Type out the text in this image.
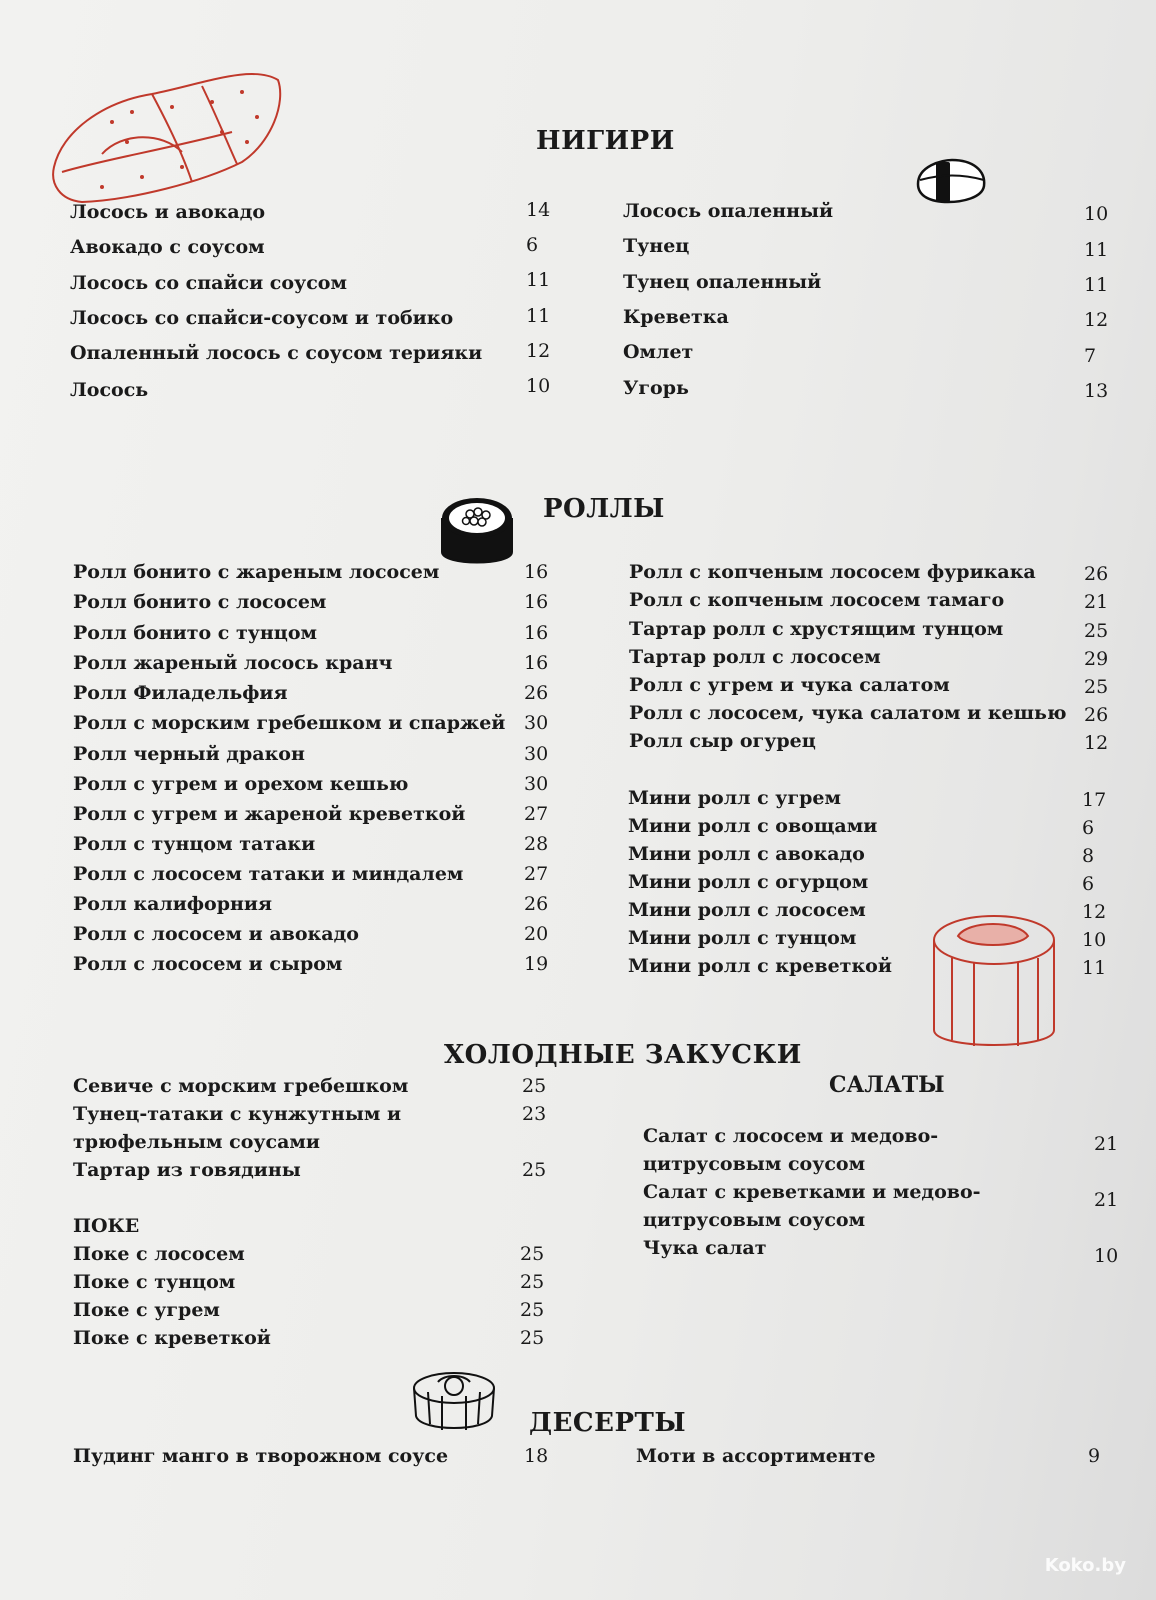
НИГИРИ
Лосось и авокадо	14
Авокадо с соусом	6
Лосось со спайси соусом	11
Лосось со спайси-соусом и тобико	11
Опаленный лосось с соусом терияки 12
Лосось	10
Лосось опаленный	10
Тунец	11
Тунец опаленный	11
Креветка	12
Омлет	7
Угорь	13
РОЛЛЫ
Ролл бонито с жареным лососем	16
Ролл бонито с лососем	16
Ролл бонито с тунцом	16
Ролл жареный лосось кранч	16
Ролл Филадельфия	26
Ролл с морским гребешком и спаржей 30
Ролл черный дракон	30
Ролл с угрем и орехом кешью	30
Ролл с угрем и жареной креветкой	27
Ролл с тунцом татаки	28
Ролл с лососем татаки и миндалем	27
Ролл калифорния	26
Ролл с лососем и авокадо	20
Ролл с лососем и сыром	19
Ролл с копченым лососем фурикака	26
Ролл с копченым лососем тамаго	21
Тартар ролл с хрустящим тунцом	25
Тартар ролл с лососем	29
Ролл с угрем и чука салатом	25
Ролл с лососем, чука салатом и кешью 26
Ролл сыр огурец	12
Мини ролл с угрем	17
Мини ролл с овощами	6
Мини ролл с авокадо	8
Мини ролл с огурцом	6
Мини ролл с лососем	12
Мини ролл с тунцом	10
Мини ролл с креветкой	11
ХОЛОДНЫЕ ЗАКУСКИ
Севиче с морским гребешком	25
Тунец-татаки с кунжутным и трюфельным соусами
23
Тартар из говядины	25
ПОКЕ
Поке с лососем	25
Поке с тунцом	25
Поке с угрем	25
Поке с креветкой	25
САЛАТЫ
Салат с лососем и медово-цитрусовым соусом
21
Салат с креветками и медово-цитрусовым соусом
21
Чука салат	10
ДЕСЕРТЫ
Пудинг манго в творожном соусе	18	Моти в ассортименте	9
Koko.by
